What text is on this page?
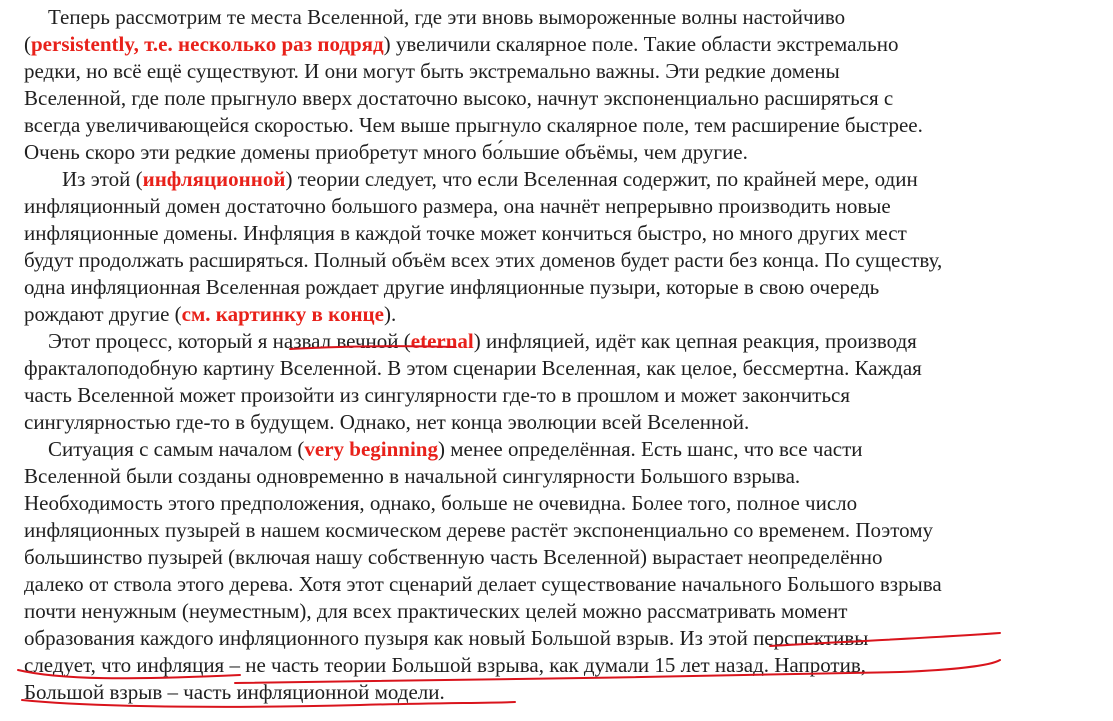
Теперь рассмотрим те места Вселенной, где эти вновь вымороженные волны настойчиво
(persistently, т.е. несколько раз подряд) увеличили скалярное поле. Такие области экстремально
редки, но всё ещё существуют. И они могут быть экстремально важны. Эти редкие домены
Вселенной, где поле прыгнуло вверх достаточно высоко, начнут экспоненциально расширяться с
всегда увеличивающейся скоростью. Чем выше прыгнуло скалярное поле, тем расширение быстрее.
Очень скоро эти редкие домены приобретут много бо́льшие объёмы, чем другие.
Из этой (инфляционной) теории следует, что если Вселенная содержит, по крайней мере, один
инфляционный домен достаточно большого размера, она начнёт непрерывно производить новые
инфляционные домены. Инфляция в каждой точке может кончиться быстро, но много других мест
будут продолжать расширяться. Полный объём всех этих доменов будет расти без конца. По существу,
одна инфляционная Вселенная рождает другие инфляционные пузыри, которые в свою очередь
рождают другие (см. картинку в конце).
Этот процесс, который я назвал вечной (eternal) инфляцией, идёт как цепная реакция, производя
фракталоподобную картину Вселенной. В этом сценарии Вселенная, как целое, бессмертна. Каждая
часть Вселенной может произойти из сингулярности где-то в прошлом и может закончиться
сингулярностью где-то в будущем. Однако, нет конца эволюции всей Вселенной.
Ситуация с самым началом (very beginning) менее определённая. Есть шанс, что все части
Вселенной были созданы одновременно в начальной сингулярности Большого взрыва.
Необходимость этого предположения, однако, больше не очевидна. Более того, полное число
инфляционных пузырей в нашем космическом дереве растёт экспоненциально со временем. Поэтому
большинство пузырей (включая нашу собственную часть Вселенной) вырастает неопределённо
далеко от ствола этого дерева. Хотя этот сценарий делает существование начального Большого взрыва
почти ненужным (неуместным), для всех практических целей можно рассматривать момент
образования каждого инфляционного пузыря как новый Большой взрыв. Из этой перспективы
следует, что инфляция – не часть теории Большой взрыва, как думали 15 лет назад. Напротив,
Большой взрыв – часть инфляционной модели.
